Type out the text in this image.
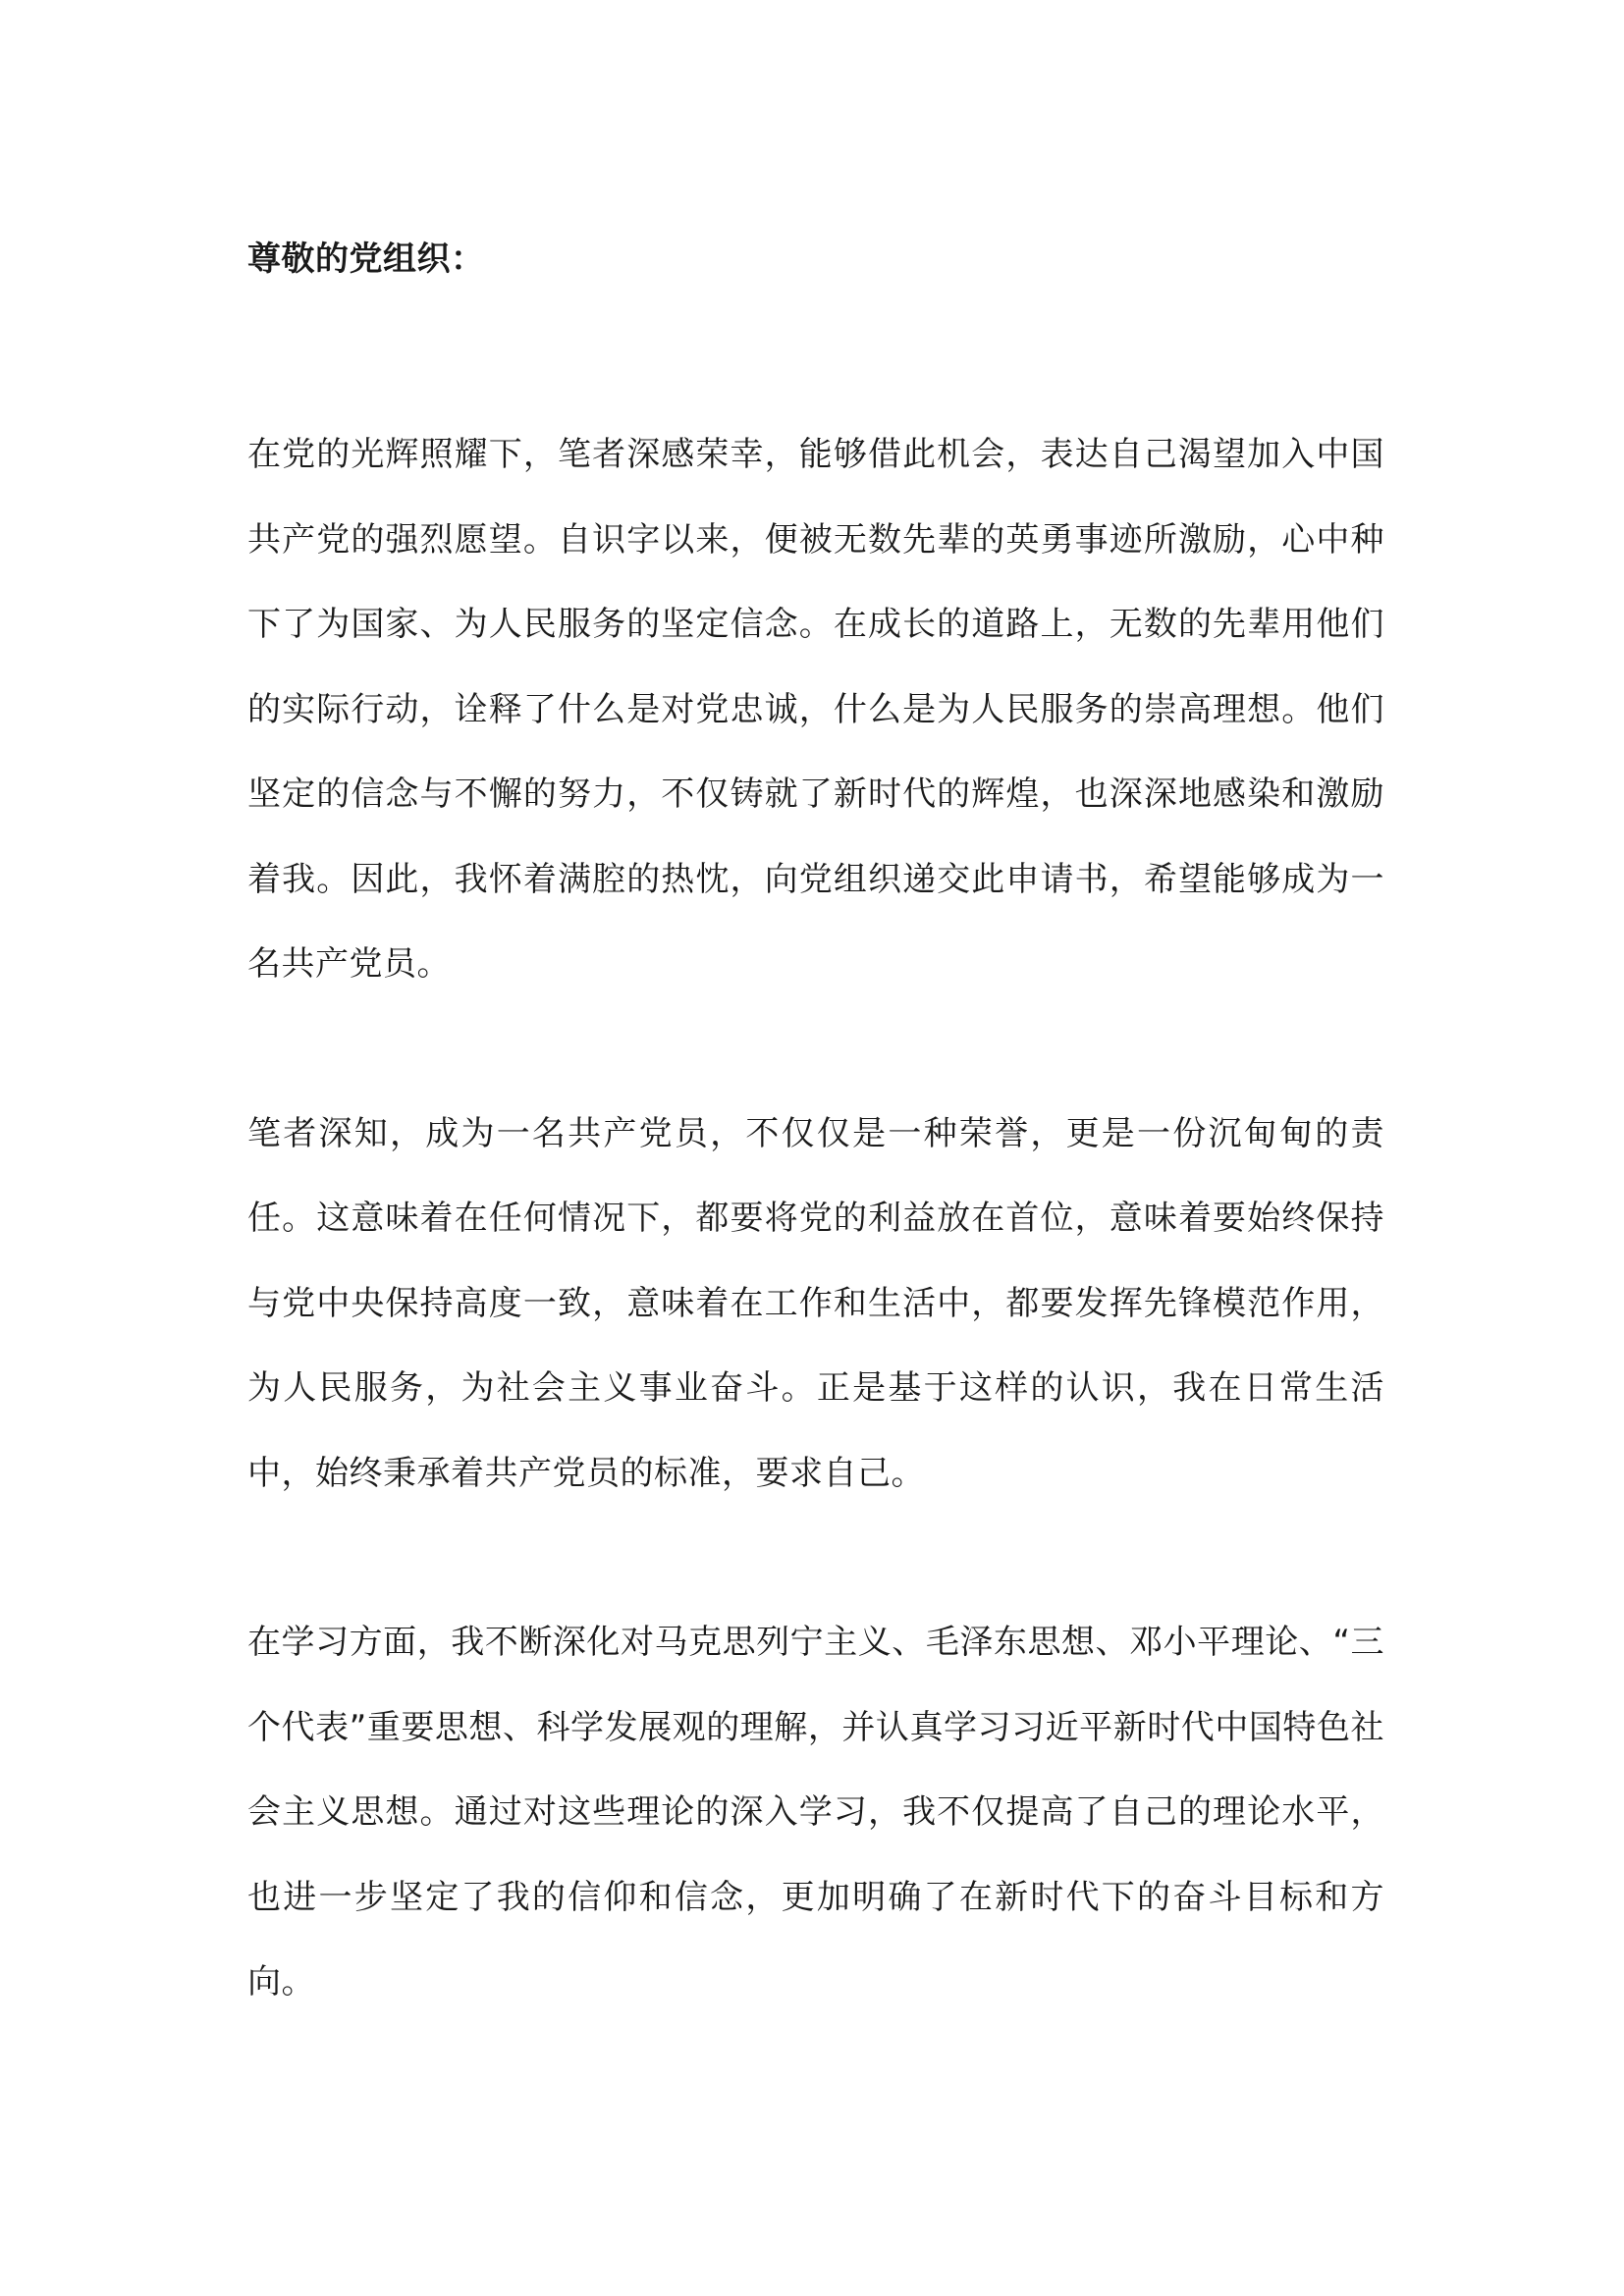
尊敬的党组织：

在党的光辉照耀下，笔者深感荣幸，能够借此机会，表达自己渴望加入中国共产党的强烈愿望。自识字以来，便被无数先辈的英勇事迹所激励，心中种下了为国家、为人民服务的坚定信念。在成长的道路上，无数的先辈用他们的实际行动，诠释了什么是对党忠诚，什么是为人民服务的崇高理想。他们坚定的信念与不懈的努力，不仅铸就了新时代的辉煌，也深深地感染和激励着我。因此，我怀着满腔的热忱，向党组织递交此申请书，希望能够成为一名共产党员。

笔者深知，成为一名共产党员，不仅仅是一种荣誉，更是一份沉甸甸的责任。这意味着在任何情况下，都要将党的利益放在首位，意味着要始终保持与党中央保持高度一致，意味着在工作和生活中，都要发挥先锋模范作用，为人民服务，为社会主义事业奋斗。正是基于这样的认识，我在日常生活中，始终秉承着共产党员的标准，要求自己。

在学习方面，我不断深化对马克思列宁主义、毛泽东思想、邓小平理论、“三个代表”重要思想、科学发展观的理解，并认真学习习近平新时代中国特色社会主义思想。通过对这些理论的深入学习，我不仅提高了自己的理论水平，也进一步坚定了我的信仰和信念，更加明确了在新时代下的奋斗目标和方向。
